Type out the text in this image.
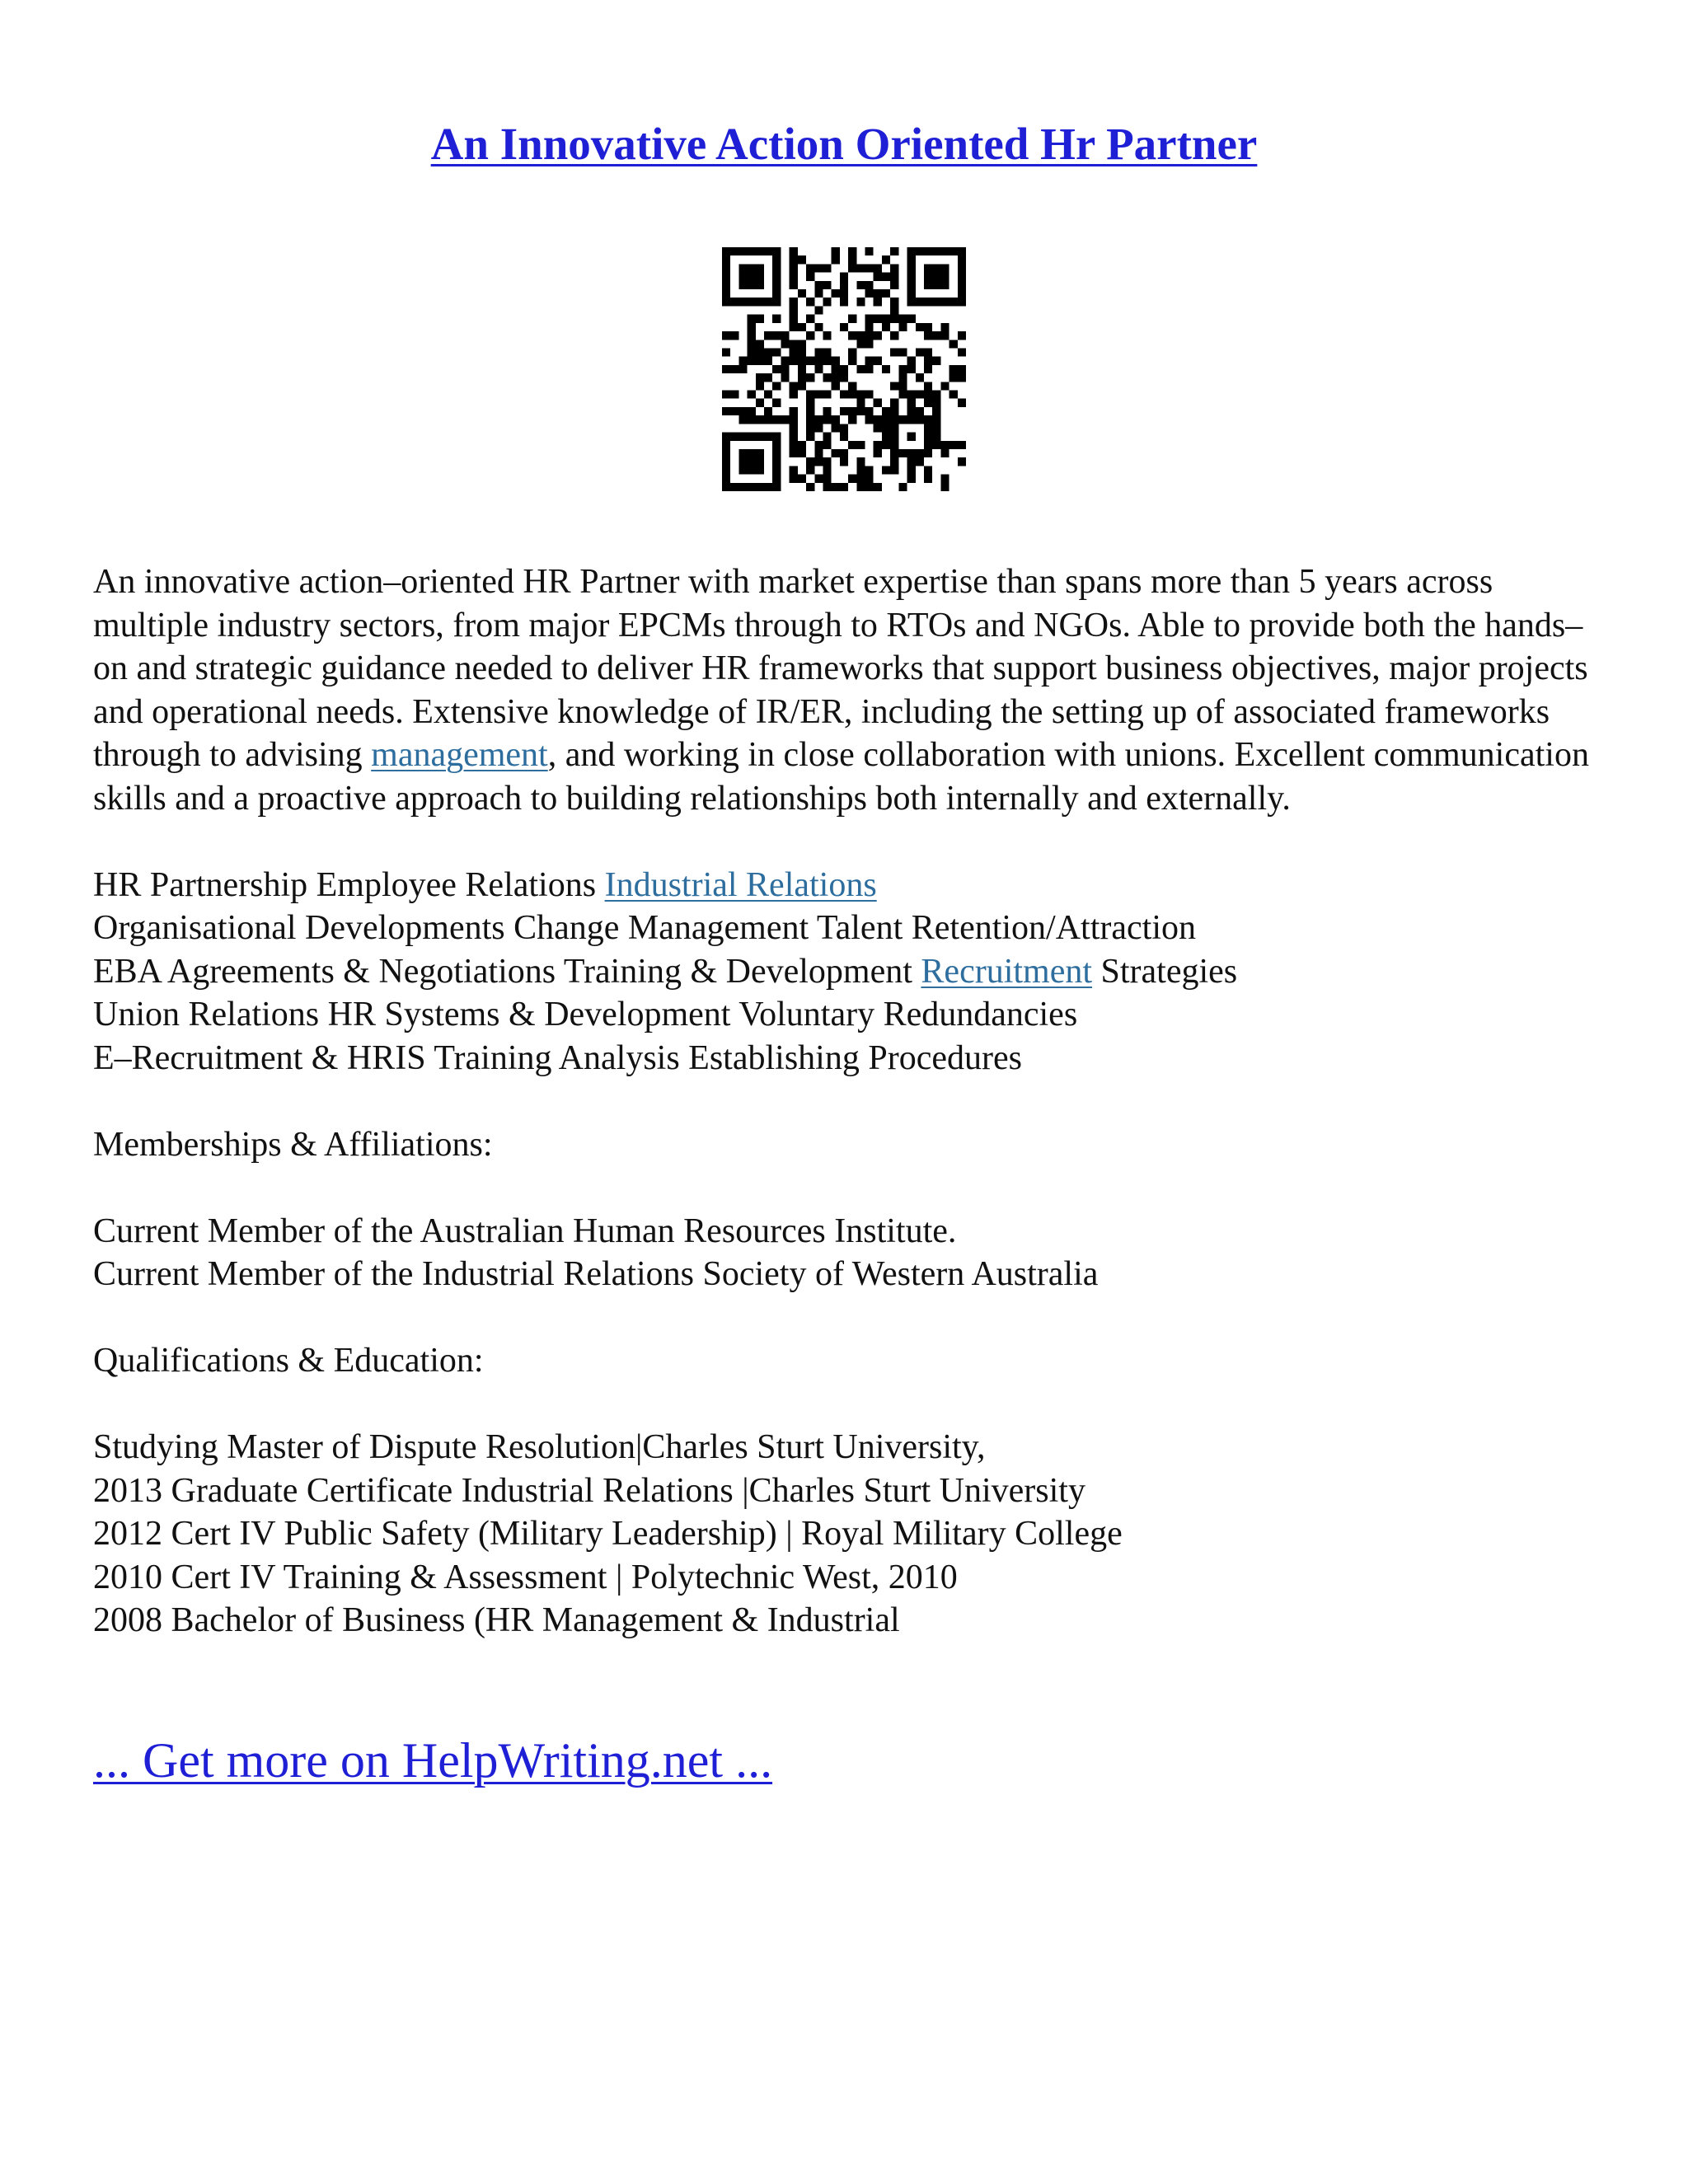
An Innovative Action Oriented Hr Partner

An innovative action–oriented HR Partner with market expertise than spans more than 5 years across multiple industry sectors, from major EPCMs through to RTOs and NGOs. Able to provide both the hands–on and strategic guidance needed to deliver HR frameworks that support business objectives, major projects and operational needs. Extensive knowledge of IR/ER, including the setting up of associated frameworks through to advising management, and working in close collaboration with unions. Excellent communication skills and a proactive approach to building relationships both internally and externally.

HR Partnership Employee Relations Industrial Relations

Organisational Developments Change Management Talent Retention/Attraction

EBA Agreements & Negotiations Training & Development Recruitment Strategies

Union Relations HR Systems & Development Voluntary Redundancies

E–Recruitment & HRIS Training Analysis Establishing Procedures

Memberships & Affiliations:

Current Member of the Australian Human Resources Institute.

Current Member of the Industrial Relations Society of Western Australia

Qualifications & Education:

Studying Master of Dispute Resolution|Charles Sturt University,

2013 Graduate Certificate Industrial Relations |Charles Sturt University

2012 Cert IV Public Safety (Military Leadership) | Royal Military College

2010 Cert IV Training & Assessment | Polytechnic West, 2010

2008 Bachelor of Business (HR Management & Industrial

... Get more on HelpWriting.net ...
